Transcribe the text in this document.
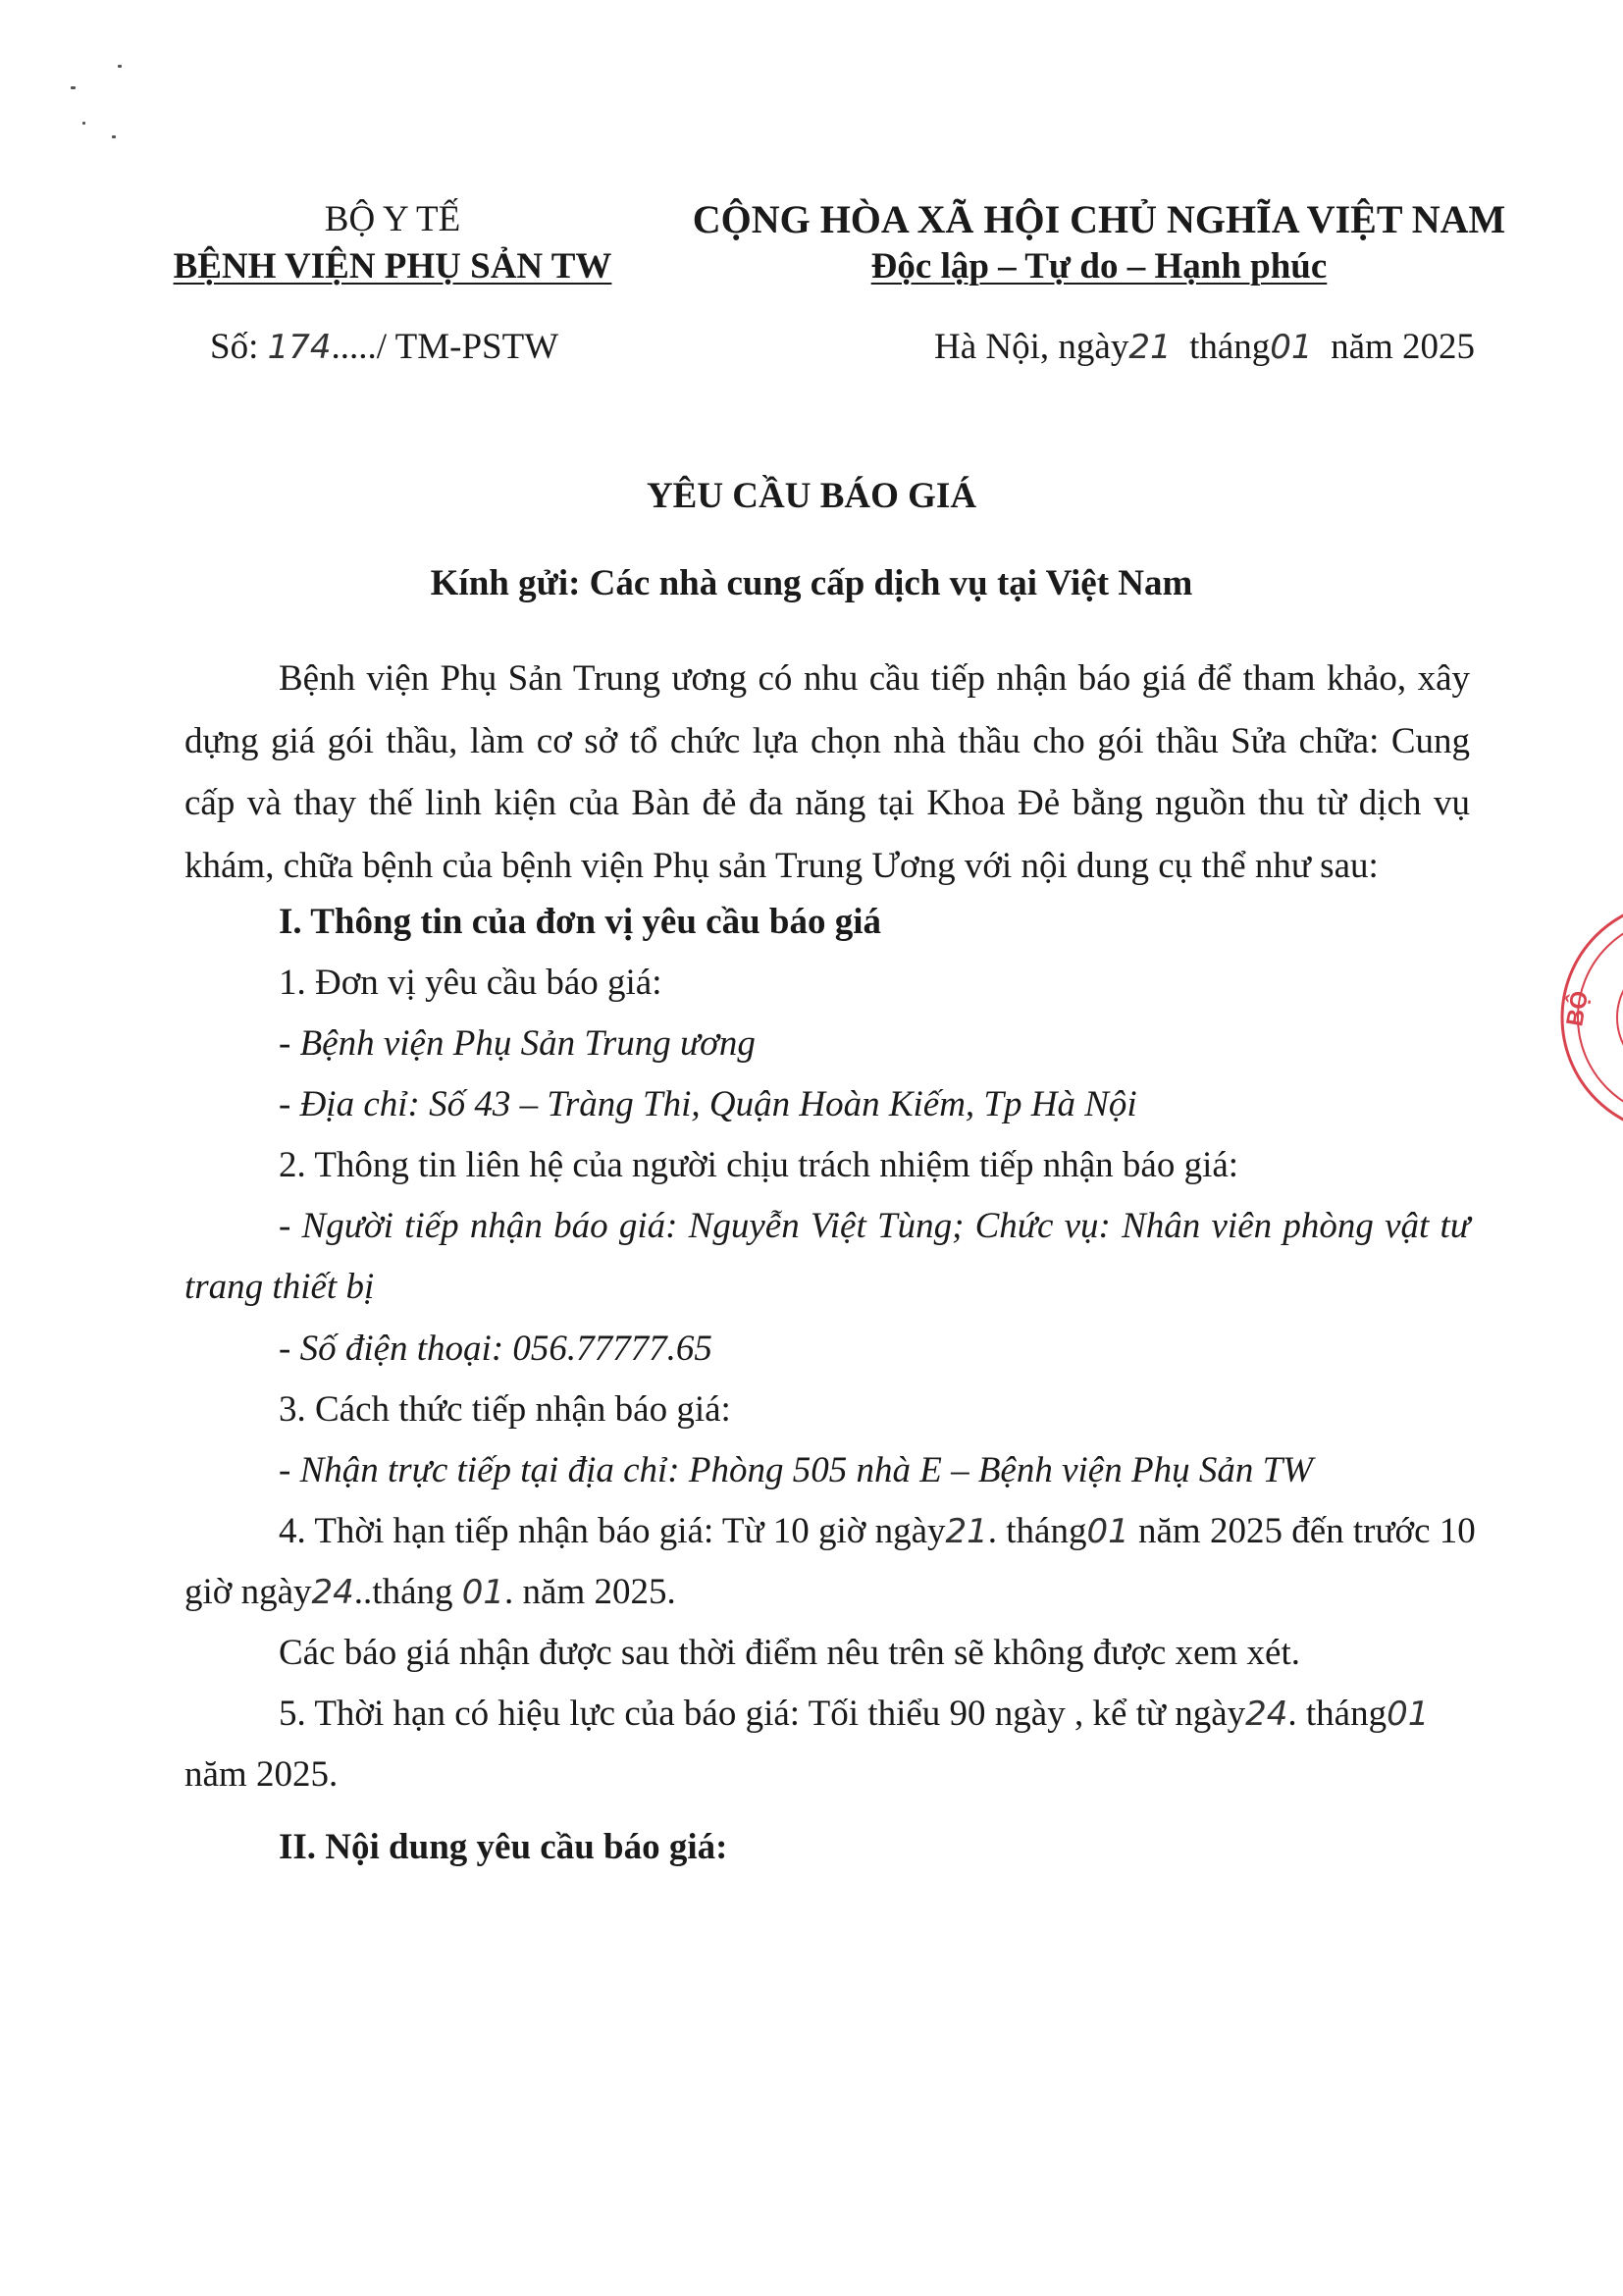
BỘ Y TẾ
BỆNH VIỆN PHỤ SẢN TW
CỘNG HÒA XÃ HỘI CHỦ NGHĨA VIỆT NAM
Độc lập – Tự do – Hạnh phúc
Số: 174...../ TM-PSTW	Hà Nội, ngày21 tháng01 năm 2025
YÊU CẦU BÁO GIÁ
Kính gửi: Các nhà cung cấp dịch vụ tại Việt Nam

Bệnh viện Phụ Sản Trung ương có nhu cầu tiếp nhận báo giá để tham khảo, xây dựng giá gói thầu, làm cơ sở tổ chức lựa chọn nhà thầu cho gói thầu Sửa chữa: Cung cấp và thay thế linh kiện của Bàn đẻ đa năng tại Khoa Đẻ bằng nguồn thu từ dịch vụ khám, chữa bệnh của bệnh viện Phụ sản Trung Ương với nội dung cụ thể như sau:

I. Thông tin của đơn vị yêu cầu báo giá
1. Đơn vị yêu cầu báo giá:
- Bệnh viện Phụ Sản Trung ương
- Địa chỉ: Số 43 – Tràng Thi, Quận Hoàn Kiếm, Tp Hà Nội
2. Thông tin liên hệ của người chịu trách nhiệm tiếp nhận báo giá:
- Người tiếp nhận báo giá: Nguyễn Việt Tùng; Chức vụ: Nhân viên phòng vật tư
trang thiết bị
- Số điện thoại: 056.77777.65
3. Cách thức tiếp nhận báo giá:
- Nhận trực tiếp tại địa chỉ: Phòng 505 nhà E – Bệnh viện Phụ Sản TW
4. Thời hạn tiếp nhận báo giá: Từ 10 giờ ngày21. tháng01 năm 2025 đến trước 10
giờ ngày24..tháng 01. năm 2025.
Các báo giá nhận được sau thời điểm nêu trên sẽ không được xem xét.
5. Thời hạn có hiệu lực của báo giá: Tối thiểu 90 ngày , kể từ ngày24. tháng01
năm 2025.
II. Nội dung yêu cầu báo giá:
BỘ
